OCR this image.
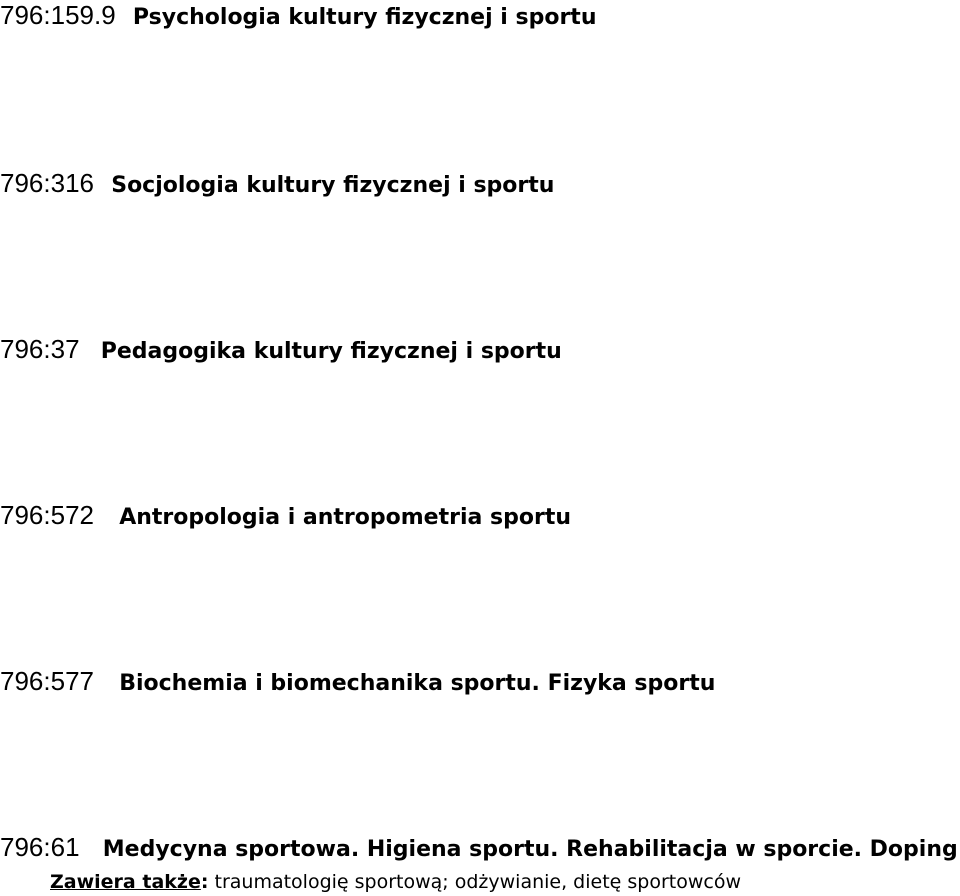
796:159.9 Psychologia kultury fizycznej i sportu
796:316 Socjologia kultury fizycznej i sportu
796:37 Pedagogika kultury fizycznej i sportu
796:572 Antropologia i antropometria sportu
796:577 Biochemia i biomechanika sportu. Fizyka sportu
796:61 Medycyna sportowa. Higiena sportu. Rehabilitacja w sporcie. Doping
Zawiera także: traumatologię sportową; odżywianie, dietę sportowców
